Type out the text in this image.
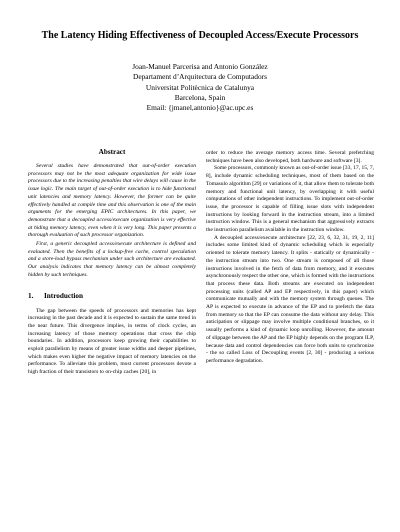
The Latency Hiding Effectiveness of Decoupled Access/Execute Processors
Joan-Manuel Parcerisa and Antonio González
Departament d’Arquitectura de Computadors
Universitat Politècnica de Catalunya
Barcelona, Spain
Email: {jmanel,antonio}@ac.upc.es
Abstract

Several studies have demonstrated that out-of-order execution processors may not be the most adequate organization for wide issue processors due to the increasing penalties that wire delays will cause in the issue logic. The main target of out-of-order execution is to hide functional unit latencies and memory latency. However, the former can be quite effectively handled at compile time and this observation is one of the main arguments for the emerging EPIC architectures. In this paper, we demonstrate that a decoupled access/execute organization is very effective at hiding memory latency, even when it is very long. This paper presents a thorough evaluation of such processor organization.

First, a generic decoupled access/execute architecture is defined and evaluated. Then the benefits of a lockup-free cache, control speculation and a store-load bypass mechanism under such architecture are evaluated. Our analysis indicates that memory latency can be almost completely hidden by such techniques.

1. Introduction

The gap between the speeds of processors and memories has kept increasing in the past decade and it is expected to sustain the same trend in the near future. This divergence implies, in terms of clock cycles, an increasing latency of those memory operations that cross the chip boundaries. In addition, processors keep growing their capabilities to exploit parallelism by means of greater issue widths and deeper pipelines, which makes even higher the negative impact of memory latencies on the performance. To alleviate this problem, most current processors devote a high fraction of their transistors to on-chip caches [20], in

order to reduce the average memory access time. Several prefetching techniques have been also developed, both hardware and software [3].

Some processors, commonly known as out-of-order issue [33, 17, 15, 7, 8], include dynamic scheduling techniques, most of them based on the Tomasulo algorithm [29] or variations of it, that allow them to tolerate both memory and functional unit latency, by overlapping it with useful computations of other independent instructions. To implement out-of-order issue, the processor is capable of filling issue slots with independent instructions by looking forward in the instruction stream, into a limited instruction window. This is a general mechanism that aggressively extracts the instruction parallelism available in the instruction window.

A decoupled access/execute architecture [22, 23, 6, 32, 31, 19, 2, 11] includes some limited kind of dynamic scheduling which is especially oriented to tolerate memory latency. It splits - statically or dynamically - the instruction stream into two. One stream is composed of all those instructions involved in the fetch of data from memory, and it executes asynchronously respect the other one, which is formed with the instructions that process these data. Both streams are executed on independent processing units (called AP and EP respectively, in this paper) which communicate mutually and with the memory system through queues. The AP is expected to execute in advance of the EP and to prefetch the data from memory so that the EP can consume the data without any delay. This anticipation or slippage may involve multiple conditional branches, so it usually performs a kind of dynamic loop unrolling. However, the amount of slippage between the AP and the EP highly depends on the program ILP, because data and control dependencies can force both units to synchronize - the so called Loss of Decoupling events [2, 30] - producing a serious performance degradation.
